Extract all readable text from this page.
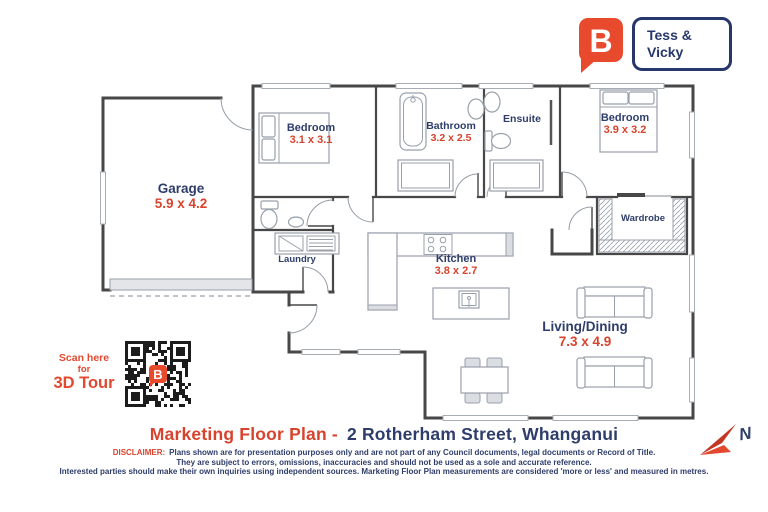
Garage
5.9 x 4.2
Bedroom
3.1 x 3.1
Bathroom
3.2 x 2.5
Ensuite	Bedroom
3.9 x 3.2
Wardrobe
Laundry	Kitchen
3.8 x 2.7
Living/Dining
7.3 x 4.9
B Tess &
Vicky
Scan here
for
3D Tour	B
Marketing Floor Plan - 2 Rotherham Street, Whanganui
DISCLAIMER: Plans shown are for presentation purposes only and are not part of any Council documents, legal documents or Record of Title.
They are subject to errors, omissions, inaccuracies and should not be used as a sole and accurate reference.
Interested parties should make their own inquiries using independent sources. Marketing Floor Plan measurements are considered 'more or less' and measured in metres.
N
